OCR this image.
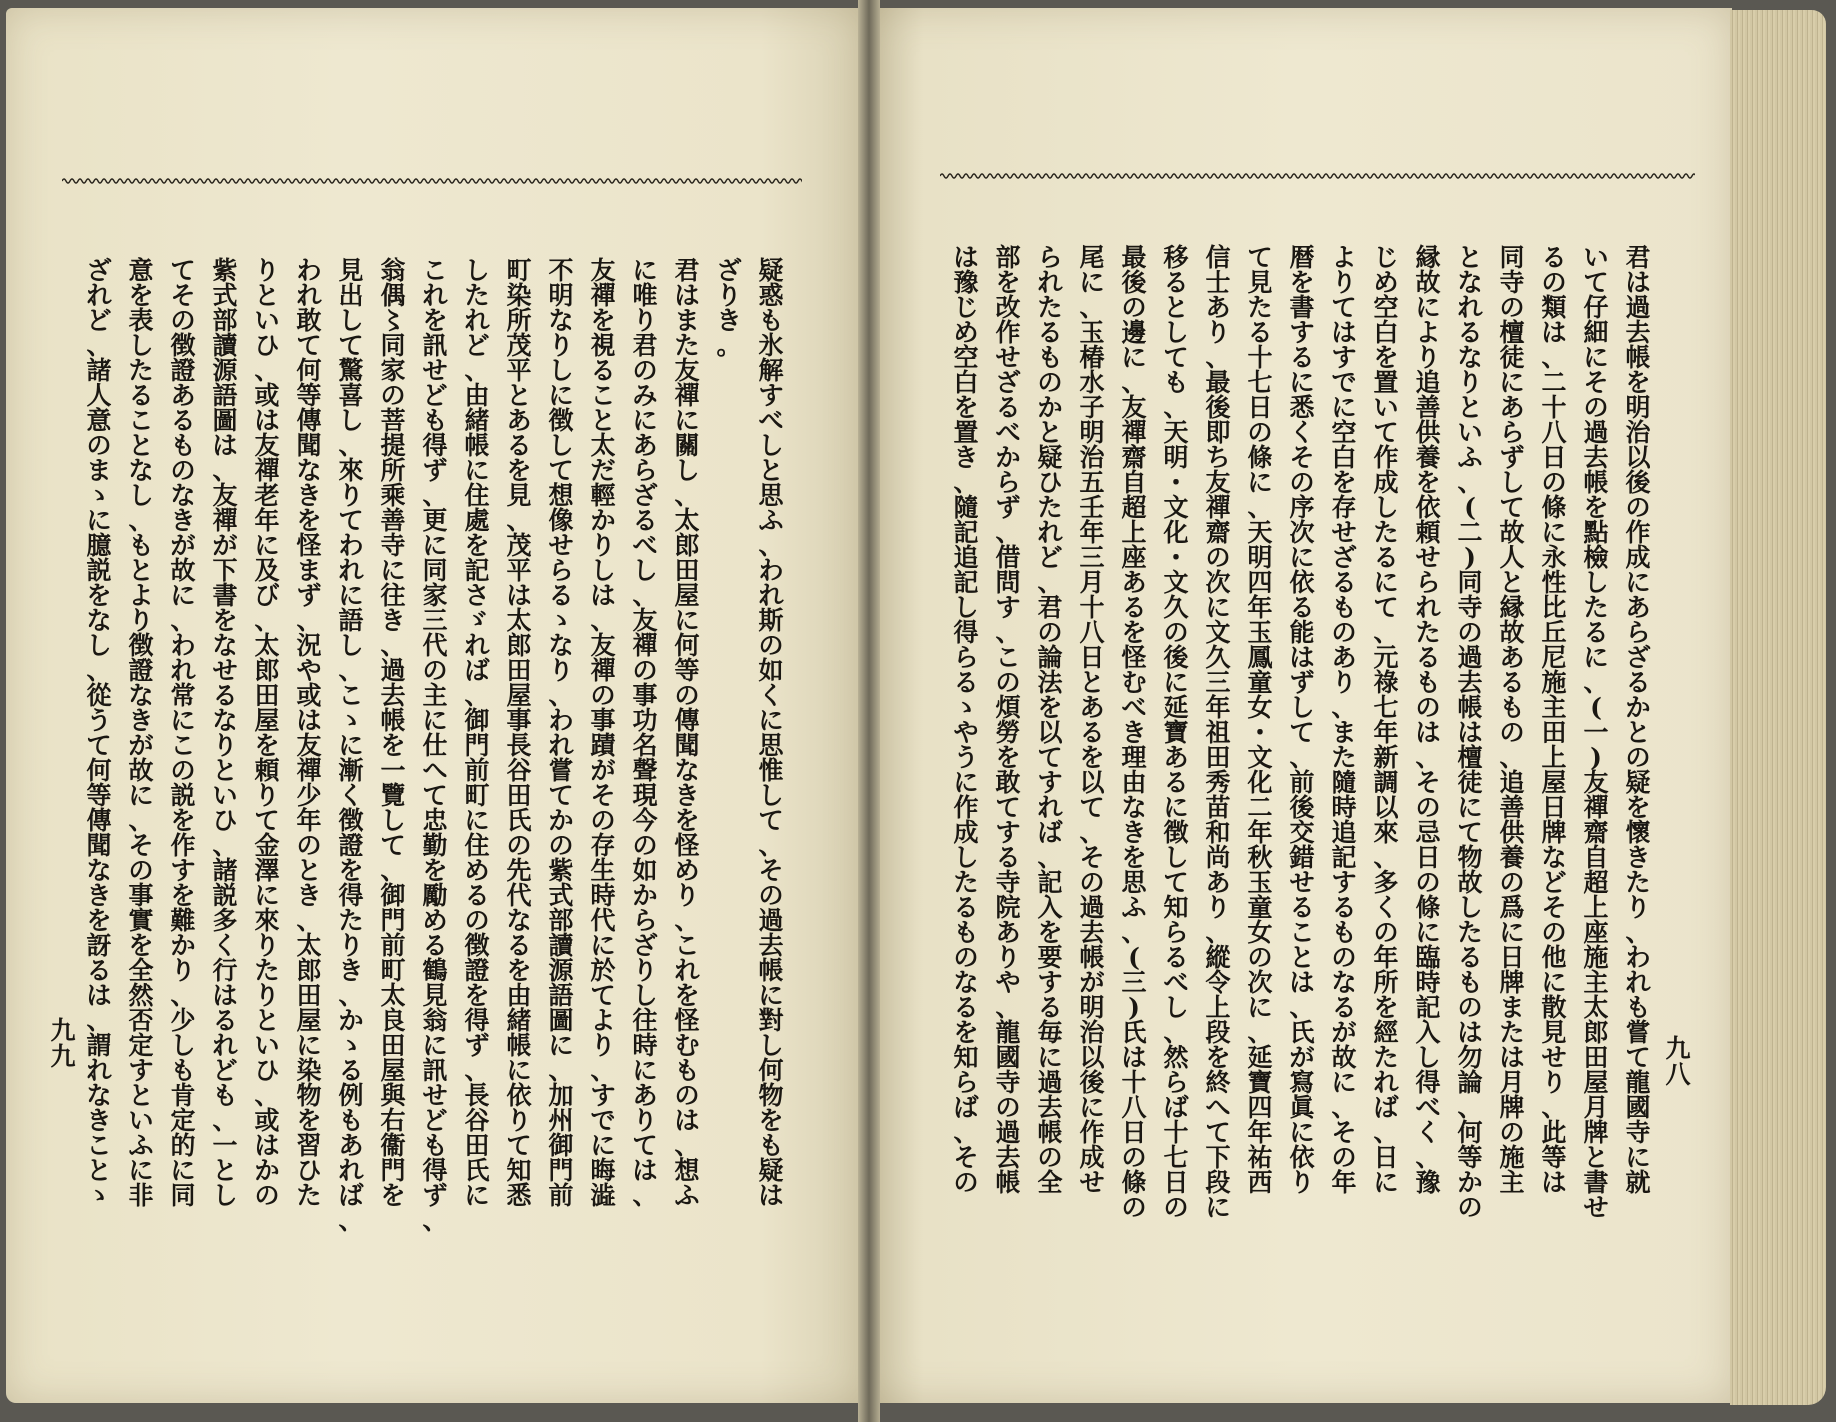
疑
惑
も
氷
解
す
べ
し
と
思
ふ
、
わ
れ
斯
の
如
く
に
思
惟
し
て
、
そ
の
過
去
帳
に
對
し
何
物
を
も
疑
は
ざ
り
き
。
君
は
ま
た
友
禪
に
關
し
、
太
郎
田
屋
に
何
等
の
傳
聞
な
き
を
怪
め
り
、
こ
れ
を
怪
む
も
の
は
、
想
ふ
に
唯
り
君
の
み
に
あ
ら
ざ
る
べ
し
、
友
禪
の
事
功
名
聲
現
今
の
如
か
ら
ざ
り
し
往
時
に
あ
り
て
は
、
友
禪
を
視
る
こ
と
太
だ
輕
か
り
し
は
、
友
禪
の
事
蹟
が
そ
の
存
生
時
代
に
於
て
よ
り
、
す
で
に
晦
澁
不
明
な
り
し
に
徴
し
て
想
像
せ
ら
る
ゝ
な
り
、
わ
れ
嘗
て
か
の
紫
式
部
讀
源
語
圖
に
、
加
州
御
門
前
町
染
所
茂
平
と
あ
る
を
見
、
茂
平
は
太
郎
田
屋
事
長
谷
田
氏
の
先
代
な
る
を
由
緒
帳
に
依
り
て
知
悉
し
た
れ
ど
、
由
緒
帳
に
住
處
を
記
さ
ゞ
れ
ば
、
御
門
前
町
に
住
め
る
の
徴
證
を
得
ず
、
長
谷
田
氏
に
こ
れ
を
訊
せ
ど
も
得
ず
、
更
に
同
家
三
代
の
主
に
仕
へ
て
忠
勤
を
勵
め
る
鶴
見
翁
に
訊
せ
ど
も
得
ず
、
翁
偶
〻
同
家
の
菩
提
所
乘
善
寺
に
往
き
、
過
去
帳
を
一
覽
し
て
、
御
門
前
町
太
良
田
屋
與
右
衞
門
を
見
出
し
て
驚
喜
し
、
來
り
て
わ
れ
に
語
し
、
こ
ゝ
に
漸
く
徴
證
を
得
た
り
き
、
か
ゝ
る
例
も
あ
れ
ば
、
わ
れ
敢
て
何
等
傳
聞
な
き
を
怪
ま
ず
、
況
や
或
は
友
禪
少
年
の
と
き
、
太
郎
田
屋
に
染
物
を
習
ひ
た
り
と
い
ひ
、
或
は
友
禪
老
年
に
及
び
、
太
郎
田
屋
を
頼
り
て
金
澤
に
來
り
た
り
と
い
ひ
、
或
は
か
の
紫
式
部
讀
源
語
圖
は
、
友
禪
が
下
書
を
な
せ
る
な
り
と
い
ひ
、
諸
説
多
く
行
は
る
れ
ど
も
、
一
と
し
て
そ
の
徴
證
あ
る
も
の
な
き
が
故
に
、
わ
れ
常
に
こ
の
説
を
作
す
を
難
か
り
、
少
し
も
肯
定
的
に
同
意
を
表
し
た
る
こ
と
な
し
、
も
と
よ
り
徴
證
な
き
が
故
に
、
そ
の
事
實
を
全
然
否
定
す
と
い
ふ
に
非
ざ
れ
ど
、
諸
人
意
の
ま
ゝ
に
臆
説
を
な
し
、
從
う
て
何
等
傳
聞
な
き
を
訝
る
は
、
謂
れ
な
き
こ
と
ゝ
君
は
過
去
帳
を
明
治
以
後
の
作
成
に
あ
ら
ざ
る
か
と
の
疑
を
懷
き
た
り
、
わ
れ
も
嘗
て
龍
國
寺
に
就
い
て
仔
細
に
そ
の
過
去
帳
を
點
檢
し
た
る
に
、
(
一
)
友
禪
齋
自
超
上
座
施
主
太
郎
田
屋
月
牌
と
書
せ
る
の
類
は
、
二
十
八
日
の
條
に
永
性
比
丘
尼
施
主
田
上
屋
日
牌
な
ど
そ
の
他
に
散
見
せ
り
、
此
等
は
同
寺
の
檀
徒
に
あ
ら
ず
し
て
故
人
と
縁
故
あ
る
も
の
、
追
善
供
養
の
爲
に
日
牌
ま
た
は
月
牌
の
施
主
と
な
れ
る
な
り
と
い
ふ
、
(
二
)
同
寺
の
過
去
帳
は
檀
徒
に
て
物
故
し
た
る
も
の
は
勿
論
、
何
等
か
の
縁
故
に
よ
り
追
善
供
養
を
依
頼
せ
ら
れ
た
る
も
の
は
、
そ
の
忌
日
の
條
に
臨
時
記
入
し
得
べ
く
、
豫
じ
め
空
白
を
置
い
て
作
成
し
た
る
に
て
、
元
祿
七
年
新
調
以
來
、
多
く
の
年
所
を
經
た
れ
ば
、
日
に
よ
り
て
は
す
で
に
空
白
を
存
せ
ざ
る
も
の
あ
り
、
ま
た
隨
時
追
記
す
る
も
の
な
る
が
故
に
、
そ
の
年
暦
を
書
す
る
に
悉
く
そ
の
序
次
に
依
る
能
は
ず
し
て
、
前
後
交
錯
せ
る
こ
と
は
、
氏
が
寫
眞
に
依
り
て
見
た
る
十
七
日
の
條
に
、
天
明
四
年
玉
鳳
童
女
・
文
化
二
年
秋
玉
童
女
の
次
に
、
延
寶
四
年
祐
西
信
士
あ
り
、
最
後
即
ち
友
禪
齋
の
次
に
文
久
三
年
祖
田
秀
苗
和
尚
あ
り
、
縱
令
上
段
を
終
へ
て
下
段
に
移
る
と
し
て
も
、
天
明
・
文
化
・
文
久
の
後
に
延
寶
あ
る
に
徴
し
て
知
ら
る
べ
し
、
然
ら
ば
十
七
日
の
最
後
の
邊
に
、
友
禪
齋
自
超
上
座
あ
る
を
怪
む
べ
き
理
由
な
き
を
思
ふ
、
(
三
)
氏
は
十
八
日
の
條
の
尾
に
、
玉
椿
水
子
明
治
五
壬
年
三
月
十
八
日
と
あ
る
を
以
て
、
そ
の
過
去
帳
が
明
治
以
後
に
作
成
せ
ら
れ
た
る
も
の
か
と
疑
ひ
た
れ
ど
、
君
の
論
法
を
以
て
す
れ
ば
、
記
入
を
要
す
る
毎
に
過
去
帳
の
全
部
を
改
作
せ
ざ
る
べ
か
ら
ず
、
借
問
す
、
こ
の
煩
勞
を
敢
て
す
る
寺
院
あ
り
や
、
龍
國
寺
の
過
去
帳
は
豫
じ
め
空
白
を
置
き
、
隨
記
追
記
し
得
ら
る
ゝ
や
う
に
作
成
し
た
る
も
の
な
る
を
知
ら
ば
、
そ
の
九
九	九
八
